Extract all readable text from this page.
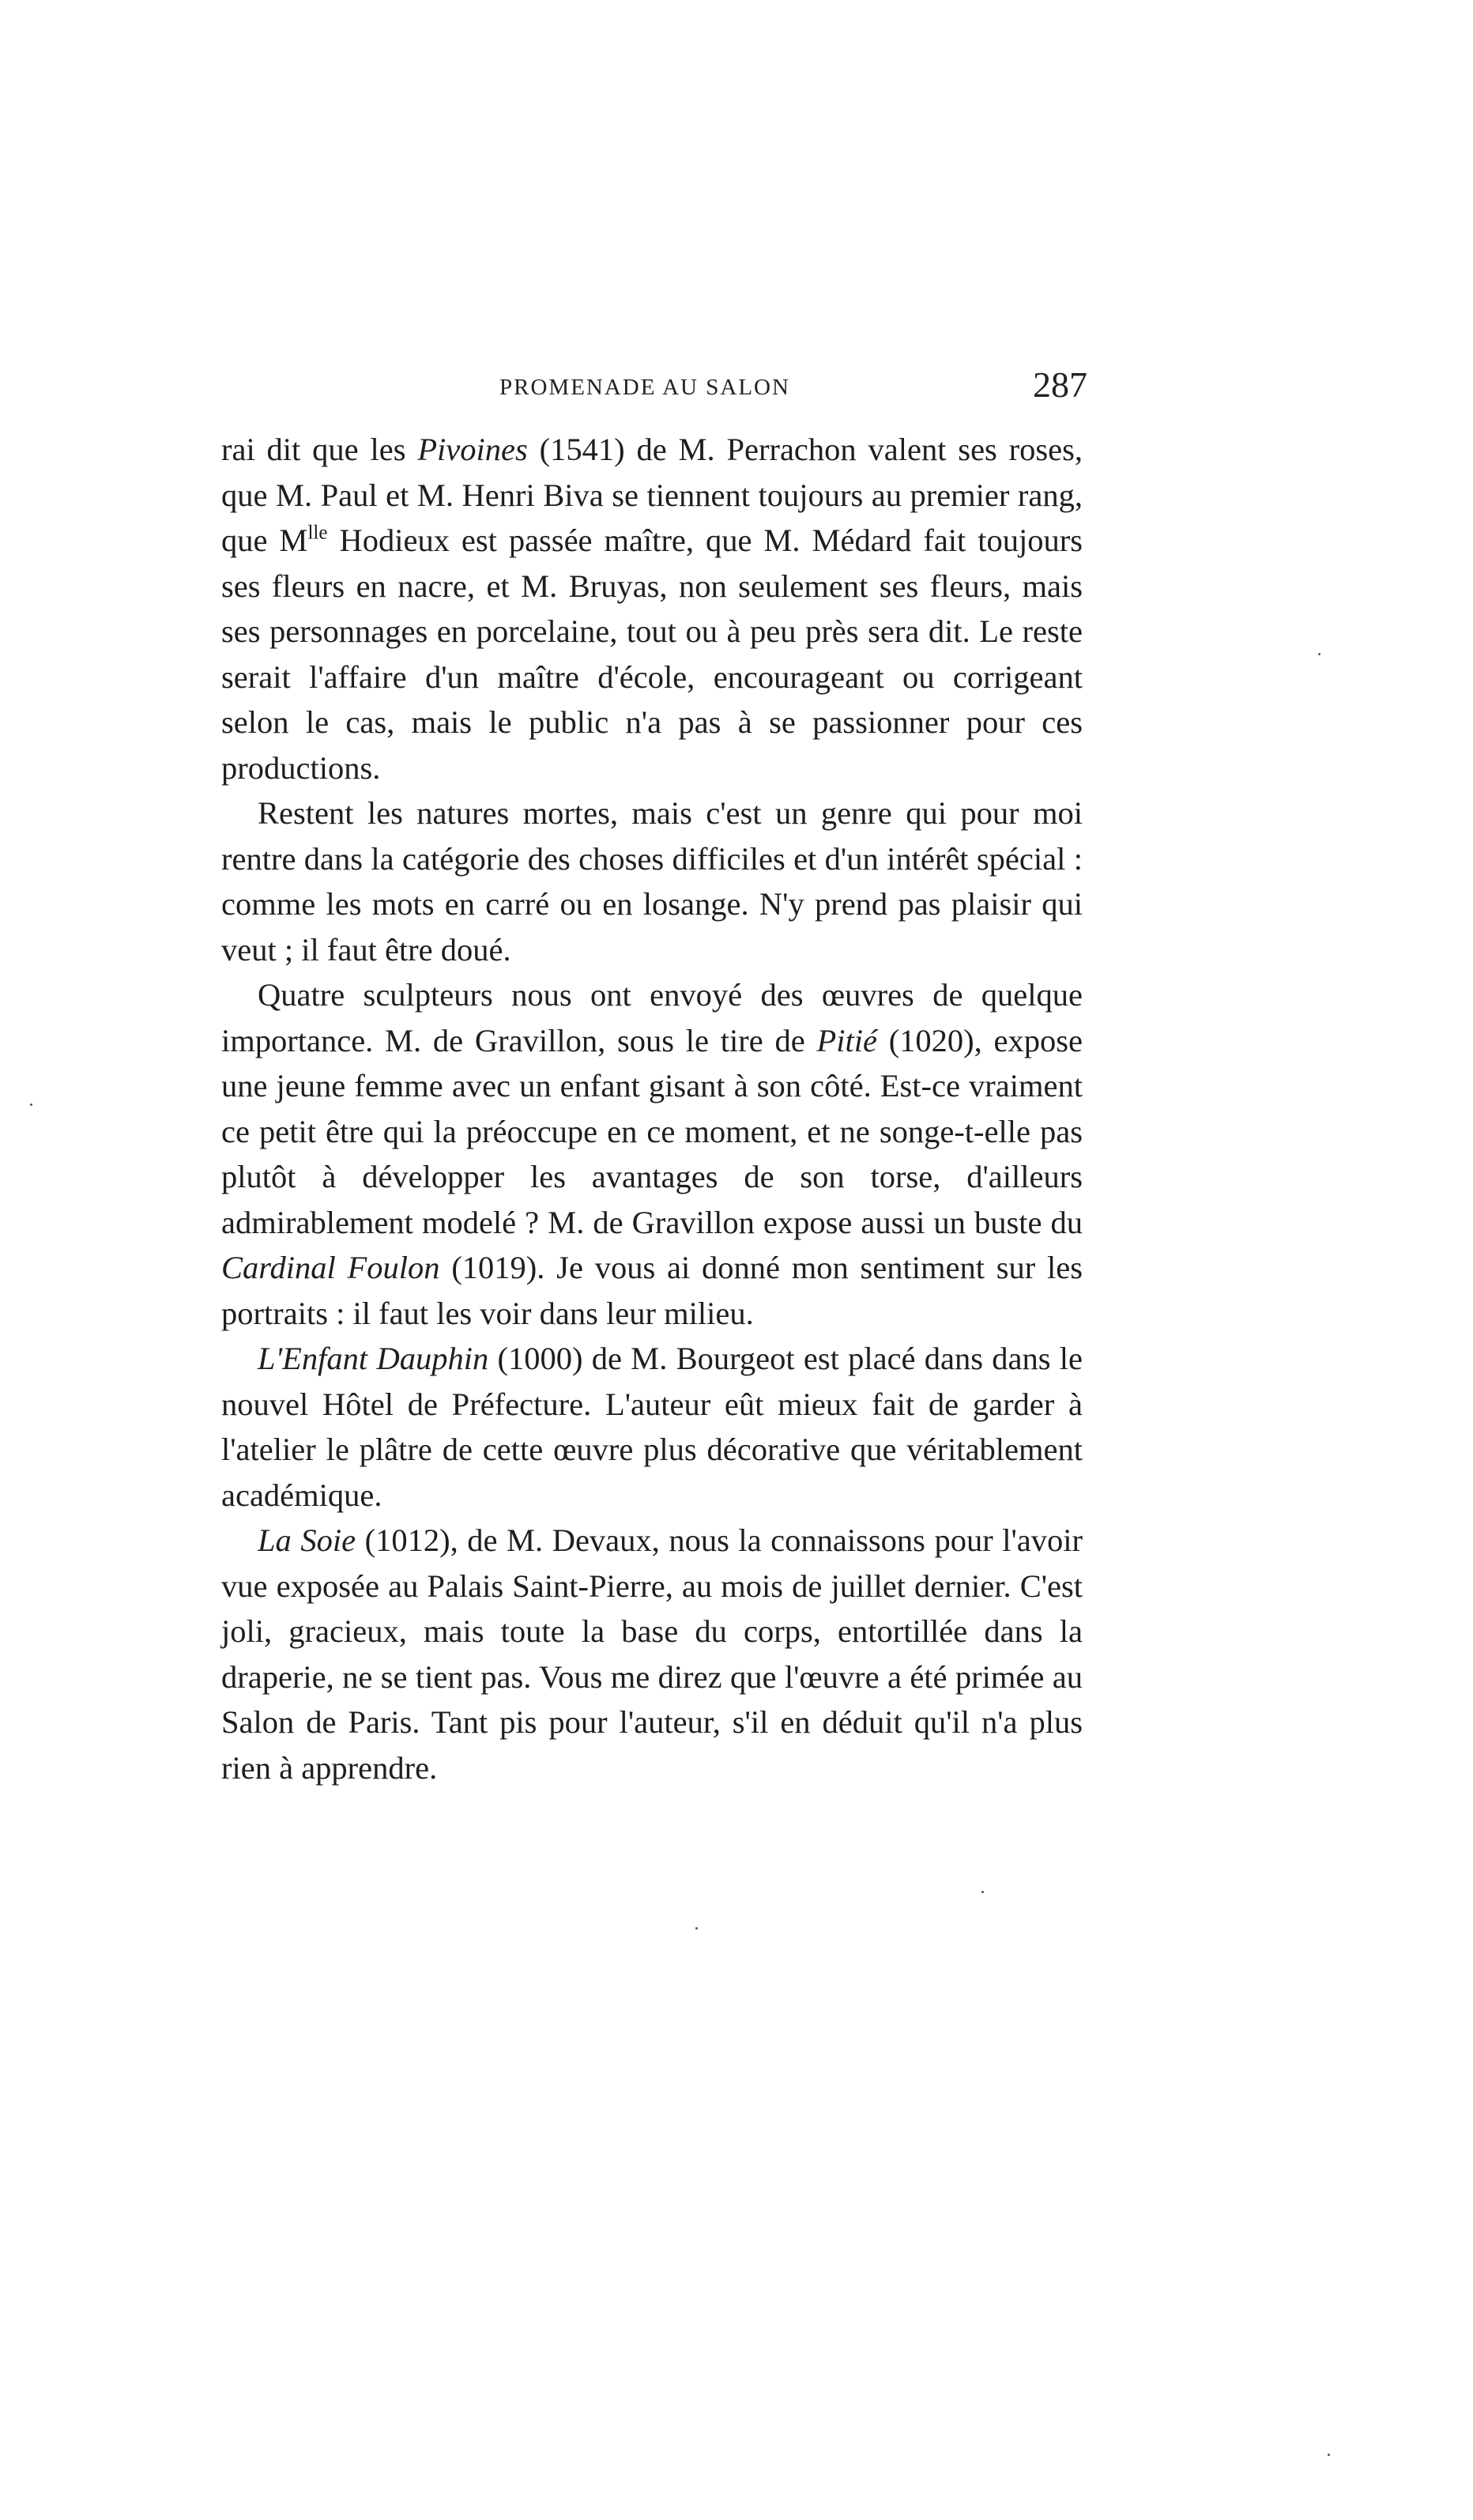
PROMENADE AU SALON	287

rai dit que les Pivoines (1541) de M. Perrachon valent ses roses, que M. Paul et M. Henri Biva se tiennent toujours au premier rang, que $M^{lle}$ Hodieux est passée maître, que M. Médard fait toujours ses fleurs en nacre, et M. Bruyas, non seulement ses fleurs, mais ses personnages en porcelaine, tout ou à peu près sera dit. Le reste serait l'affaire d'un maître d'école, encourageant ou corrigeant selon le cas, mais le public n'a pas à se passionner pour ces productions.

Restent les natures mortes, mais c'est un genre qui pour moi rentre dans la catégorie des choses difficiles et d'un intérêt spécial : comme les mots en carré ou en losange. N'y prend pas plaisir qui veut ; il faut être doué.

Quatre sculpteurs nous ont envoyé des œuvres de quelque importance. M. de Gravillon, sous le tire de Pitié (1020), expose une jeune femme avec un enfant gisant à son côté. Est-ce vraiment ce petit être qui la préoccupe en ce moment, et ne songe-t-elle pas plutôt à développer les avantages de son torse, d'ailleurs admirablement modelé ? M. de Gravillon expose aussi un buste du Cardinal Foulon (1019). Je vous ai donné mon sentiment sur les portraits : il faut les voir dans leur milieu.

L'Enfant Dauphin (1000) de M. Bourgeot est placé dans dans le nouvel Hôtel de Préfecture. L'auteur eût mieux fait de garder à l'atelier le plâtre de cette œuvre plus décorative que véritablement académique.

La Soie (1012), de M. Devaux, nous la connaissons pour l'avoir vue exposée au Palais Saint-Pierre, au mois de juillet dernier. C'est joli, gracieux, mais toute la base du corps, entortillée dans la draperie, ne se tient pas. Vous me direz que l'œuvre a été primée au Salon de Paris. Tant pis pour l'auteur, s'il en déduit qu'il n'a plus rien à apprendre.
